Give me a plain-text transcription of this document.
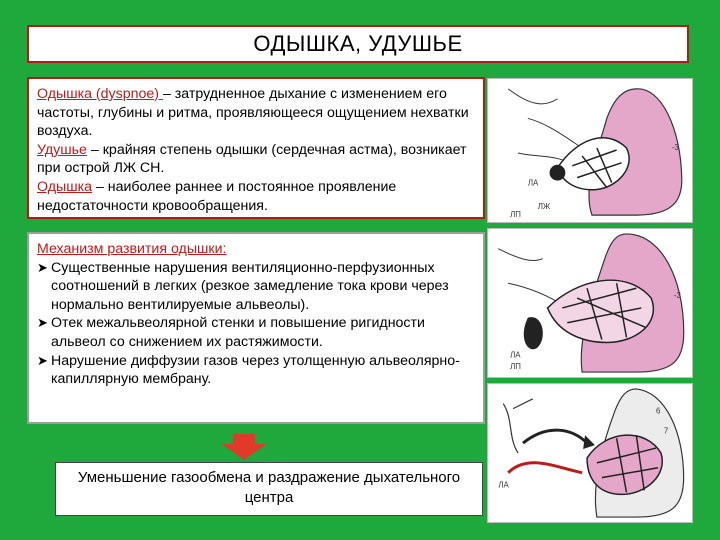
ОДЫШКА, УДУШЬЕ
Одышка (dyspnoe) – затрудненное дыхание с изменением его частоты, глубины и ритма, проявляющееся ощущением нехватки воздуха.
Удушье – крайняя степень одышки (сердечная астма), возникает при острой ЛЖ СН.
Одышка – наиболее раннее и постоянное проявление недостаточности кровообращения.
Механизм развития одышки:
➤ Существенные нарушения вентиляционно-перфузионных соотношений в легких (резкое замедление тока крови через нормально вентилируемые альвеолы).
➤ Отек межальвеолярной стенки и повышение ригидности альвеол со снижением их растяжимости.
➤ Нарушение диффузии газов через утолщенную альвеолярно-капиллярную мембрану.
Уменьшение газообмена и раздражение дыхательного центра
ЛП
ЛЖ
ЛА
-3
ЛА
ЛП
-3
ЛА
6
7
